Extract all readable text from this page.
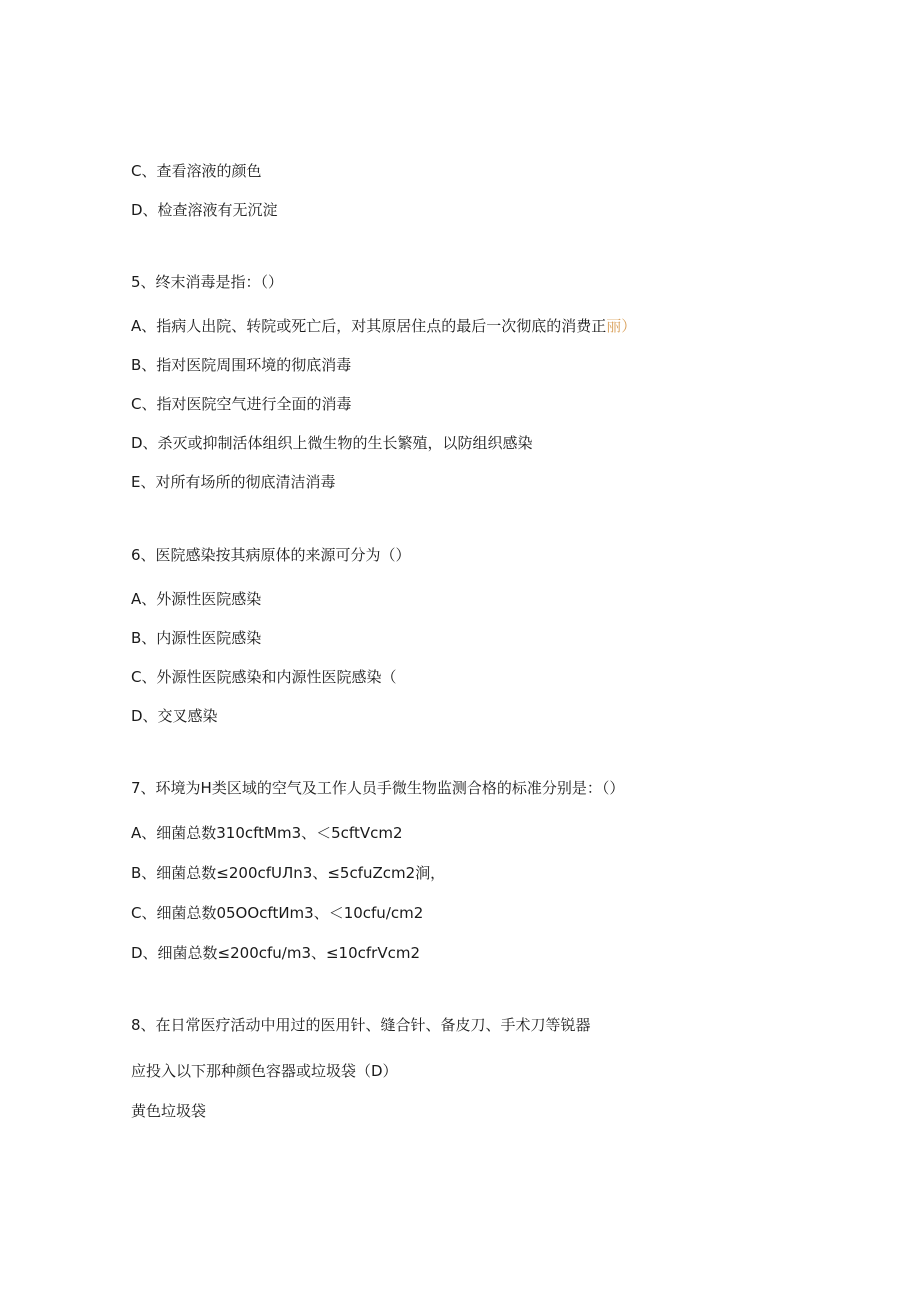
C、查看溶液的颜色
D、检查溶液有无沉淀
5、终末消毒是指：（）
A、指病人出院、转院或死亡后，对其原居住点的最后一次彻底的消费正丽）
B、指对医院周围环境的彻底消毒
C、指对医院空气进行全面的消毒
D、杀灭或抑制活体组织上微生物的生长繁殖，以防组织感染
E、对所有场所的彻底清洁消毒
6、医院感染按其病原体的来源可分为（）
A、外源性医院感染
B、内源性医院感染
C、外源性医院感染和内源性医院感染（
D、交叉感染
7、环境为H类区域的空气及工作人员手微生物监测合格的标准分别是：（）
A、细菌总数310cftМm3、＜5cftVcm2
B、细菌总数≤200cfUЛn3、≤5cfuZcm2涧，
C、细菌总数05OOcftИm3、＜10cfu∕cm2
D、细菌总数≤200cfu∕m3、≤10cfrVcm2
8、在日常医疗活动中用过的医用针、缝合针、备皮刀、手术刀等锐器
应投入以下那种颜色容器或垃圾袋（D）
黄色垃圾袋
